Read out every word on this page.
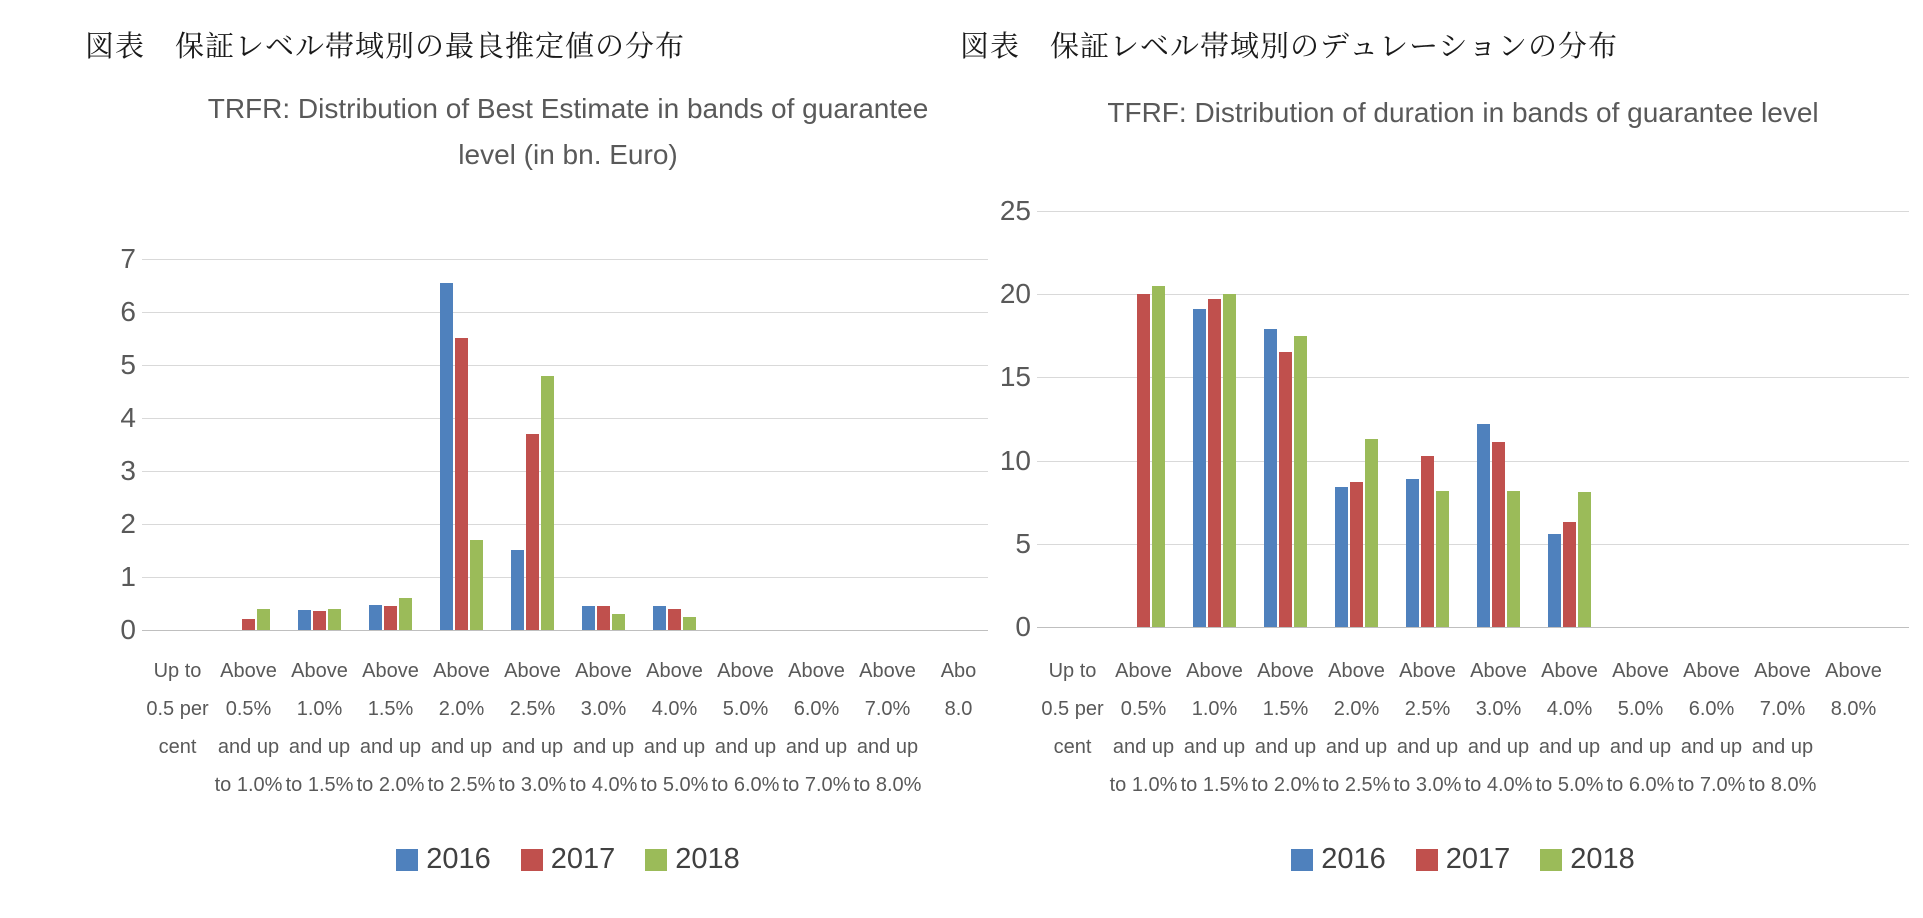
図表　保証レベル帯域別の最良推定値の分布	図表　保証レベル帯域別のデュレーションの分布
TRFR: Distribution of Best Estimate in bands of guarantee
level (in bn. Euro)
7
6
5
4
3
2
1
0
Up to
0.5 per
cent
Above
0.5%
and up
to 1.0%
Above
1.0%
and up
to 1.5%
Above
1.5%
and up
to 2.0%
Above
2.0%
and up
to 2.5%
Above
2.5%
and up
to 3.0%
Above
3.0%
and up
to 4.0%
Above
4.0%
and up
to 5.0%
Above
5.0%
and up
to 6.0%
Above
6.0%
and up
to 7.0%
Above
7.0%
and up
to 8.0%
Abo
8.0
2016 2017 2018
TFRF: Distribution of duration in bands of guarantee level
25
20
15
10
5
0
Up to
0.5 per
cent
Above
0.5%
and up
to 1.0%
Above
1.0%
and up
to 1.5%
Above
1.5%
and up
to 2.0%
Above
2.0%
and up
to 2.5%
Above
2.5%
and up
to 3.0%
Above
3.0%
and up
to 4.0%
Above
4.0%
and up
to 5.0%
Above
5.0%
and up
to 6.0%
Above
6.0%
and up
to 7.0%
Above
7.0%
and up
to 8.0%
Above
8.0%
2016 2017 2018
